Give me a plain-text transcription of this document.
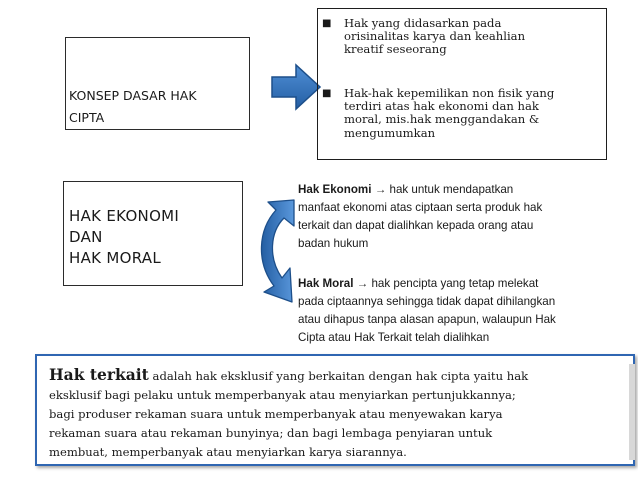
KONSEP DASAR HAK
CIPTA
■ Hak yang didasarkan pada
orisinalitas karya dan keahlian
kreatif seseorang
■ Hak-hak kepemilikan non fisik yang
terdiri atas hak ekonomi dan hak
moral, mis.hak menggandakan &
mengumumkan
HAK EKONOMI
DAN
HAK MORAL

Hak Ekonomi → hak untuk mendapatkan
manfaat ekonomi atas ciptaan serta produk hak
terkait dan dapat dialihkan kepada orang atau
badan hukum

Hak Moral → hak pencipta yang tetap melekat
pada ciptaannya sehingga tidak dapat dihilangkan
atau dihapus tanpa alasan apapun, walaupun Hak
Cipta atau Hak Terkait telah dialihkan

Hak terkait adalah hak eksklusif yang berkaitan dengan hak cipta yaitu hak
eksklusif bagi pelaku untuk memperbanyak atau menyiarkan pertunjukkannya;
bagi produser rekaman suara untuk memperbanyak atau menyewakan karya
rekaman suara atau rekaman bunyinya; dan bagi lembaga penyiaran untuk
membuat, memperbanyak atau menyiarkan karya siarannya.
